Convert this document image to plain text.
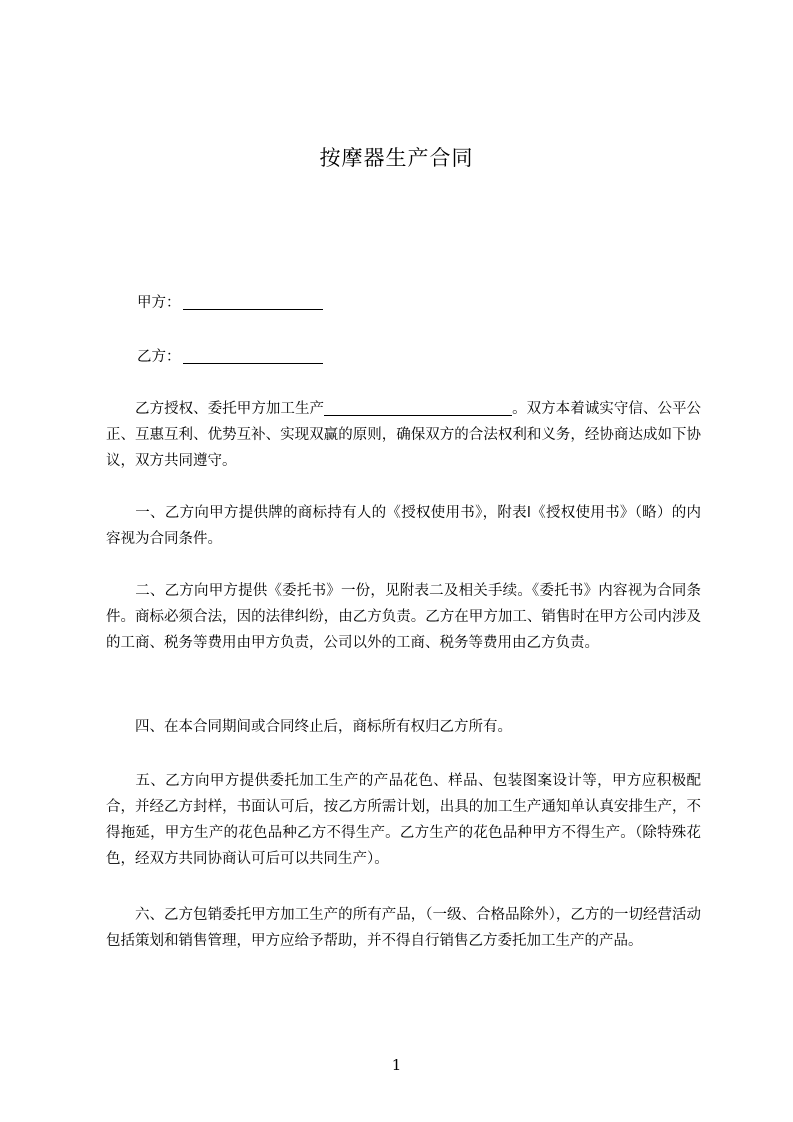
按摩器生产合同
甲方：
乙方：
乙方授权、委托甲方加工生产	。双方本着诚实守信、公平公正、互惠互利、优势互补、实现双赢的原则，确保双方的合法权利和义务，经协商达成如下协议，双方共同遵守。
一、乙方向甲方提供牌的商标持有人的《授权使用书》，附表l《授权使用书》（略）的内容视为合同条件。
二、乙方向甲方提供《委托书》一份，见附表二及相关手续。《委托书》内容视为合同条件。商标必须合法，因的法律纠纷，由乙方负责。乙方在甲方加工、销售时在甲方公司内涉及的工商、税务等费用由甲方负责，公司以外的工商、税务等费用由乙方负责。
四、在本合同期间或合同终止后，商标所有权归乙方所有。
五、乙方向甲方提供委托加工生产的产品花色、样品、包装图案设计等，甲方应积极配合，并经乙方封样，书面认可后，按乙方所需计划，出具的加工生产通知单认真安排生产，不得拖延，甲方生产的花色品种乙方不得生产。乙方生产的花色品种甲方不得生产。（除特殊花色，经双方共同协商认可后可以共同生产）。
六、乙方包销委托甲方加工生产的所有产品，（一级、合格品除外），乙方的一切经营活动包括策划和销售管理，甲方应给予帮助，并不得自行销售乙方委托加工生产的产品。
1
